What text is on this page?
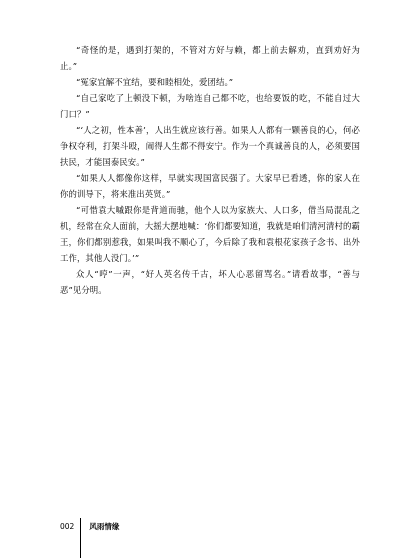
“奇怪的是，遇到打架的，不管对方好与赖，都上前去解劝，直到劝好为止。”

“冤家宜解不宜结，要和睦相处，爱团结。”

“自己家吃了上顿没下顿，为啥连自己都不吃，也给要饭的吃，不能自过大门口？”

“‘人之初，性本善’，人出生就应该行善。如果人人都有一颗善良的心，何必争权夺利，打架斗殴，闹得人生都不得安宁。作为一个真诚善良的人，必须要国扶民，才能国泰民安。”

“如果人人都像你这样，早就实现国富民强了。大家早已看透，你的家人在你的训导下，将来准出英贤。”

“可惜袁大嘁跟你是背道而驰，他个人以为家族大、人口多，借当局混乱之机，经常在众人面前，大摇大摆地喊：‘你们都要知道，我就是咱们清河清村的霸王，你们都别惹我，如果叫我不顺心了，今后除了我和袁根花家孩子念书、出外工作，其他人没门。’”

众人“哼”一声，“好人英名传千古，坏人心恶留骂名。”请看故事，“善与恶”见分明。

002 风雨情缘
